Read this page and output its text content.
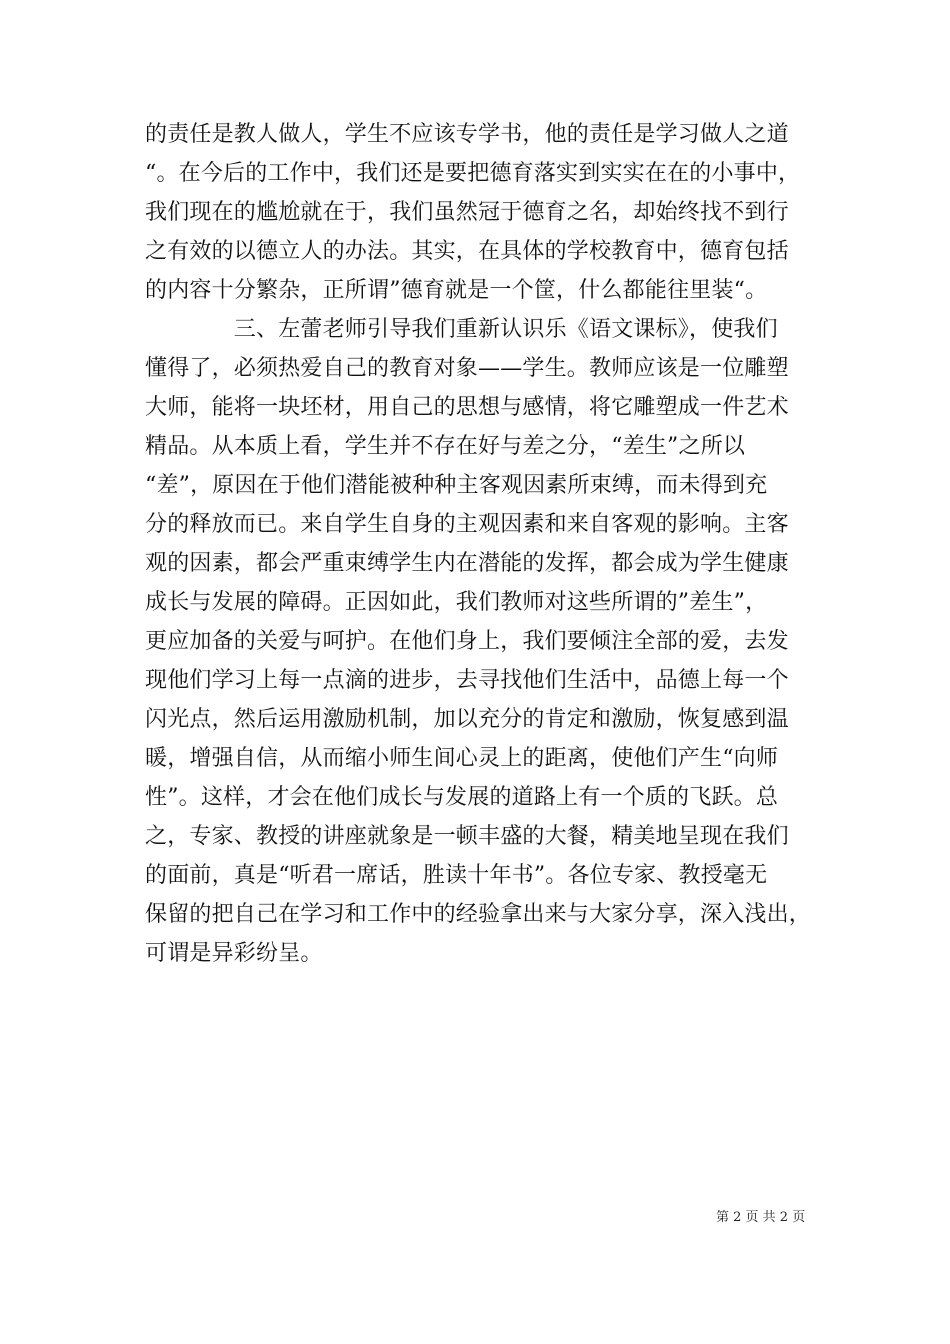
的责任是教人做人，学生不应该专学书，他的责任是学习做人之道
“。在今后的工作中，我们还是要把德育落实到实实在在的小事中，
我们现在的尴尬就在于，我们虽然冠于德育之名，却始终找不到行
之有效的以德立人的办法。其实，在具体的学校教育中，德育包括
的内容十分繁杂，正所谓”德育就是一个筐，什么都能往里装“。
　　　　三、左蕾老师引导我们重新认识乐《语文课标》，使我们
懂得了，必须热爱自己的教育对象——学生。教师应该是一位雕塑
大师，能将一块坯材，用自己的思想与感情，将它雕塑成一件艺术
精品。从本质上看，学生并不存在好与差之分，“差生”之所以
“差”，原因在于他们潜能被种种主客观因素所束缚，而未得到充
分的释放而已。来自学生自身的主观因素和来自客观的影响。主客
观的因素，都会严重束缚学生内在潜能的发挥，都会成为学生健康
成长与发展的障碍。正因如此，我们教师对这些所谓的”差生”，
更应加备的关爱与呵护。在他们身上，我们要倾注全部的爱，去发
现他们学习上每一点滴的进步，去寻找他们生活中，品德上每一个
闪光点，然后运用激励机制，加以充分的肯定和激励，恢复感到温
暖，增强自信，从而缩小师生间心灵上的距离，使他们产生“向师
性”。这样，才会在他们成长与发展的道路上有一个质的飞跃。总
之，专家、教授的讲座就象是一顿丰盛的大餐，精美地呈现在我们
的面前，真是“听君一席话，胜读十年书”。各位专家、教授毫无
保留的把自己在学习和工作中的经验拿出来与大家分享，深入浅出，
可谓是异彩纷呈。
第 2 页 共 2 页
